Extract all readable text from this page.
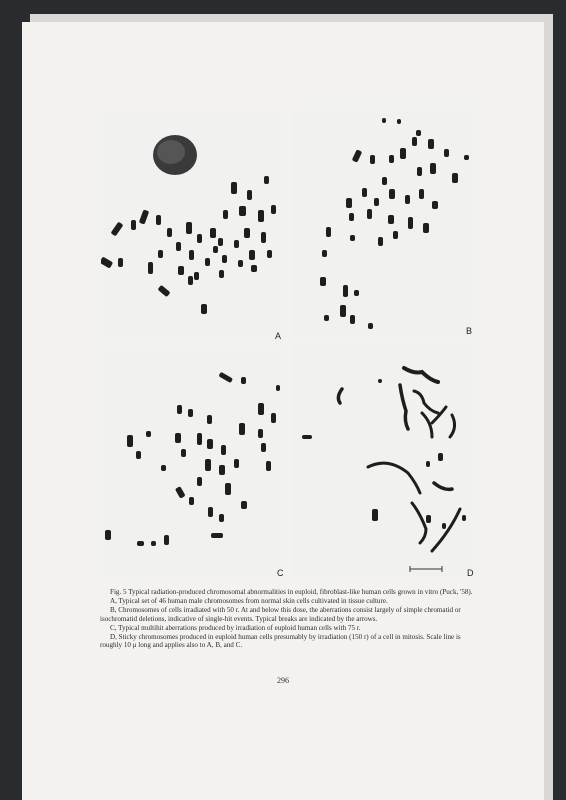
A	B
C	D

Fig. 5 Typical radiation-produced chromosomal abnormalities in euploid, fibroblast-like human cells grown in vitro (Puck, '58).

A, Typical set of 46 human male chromosomes from normal skin cells cultivated in tissue culture.

B, Chromosomes of cells irradiated with 50 r. At and below this dose, the aberrations consist largely of simple chromatid or isochromatid deletions, indicative of single-hit events. Typical breaks are indicated by the arrows.

C, Typical multihit aberrations produced by irradiation of euploid human cells with 75 r.

D, Sticky chromosomes produced in euploid human cells presumably by irradiation (150 r) of a cell in mitosis. Scale line is roughly 10 μ long and applies also to A, B, and C.

296
